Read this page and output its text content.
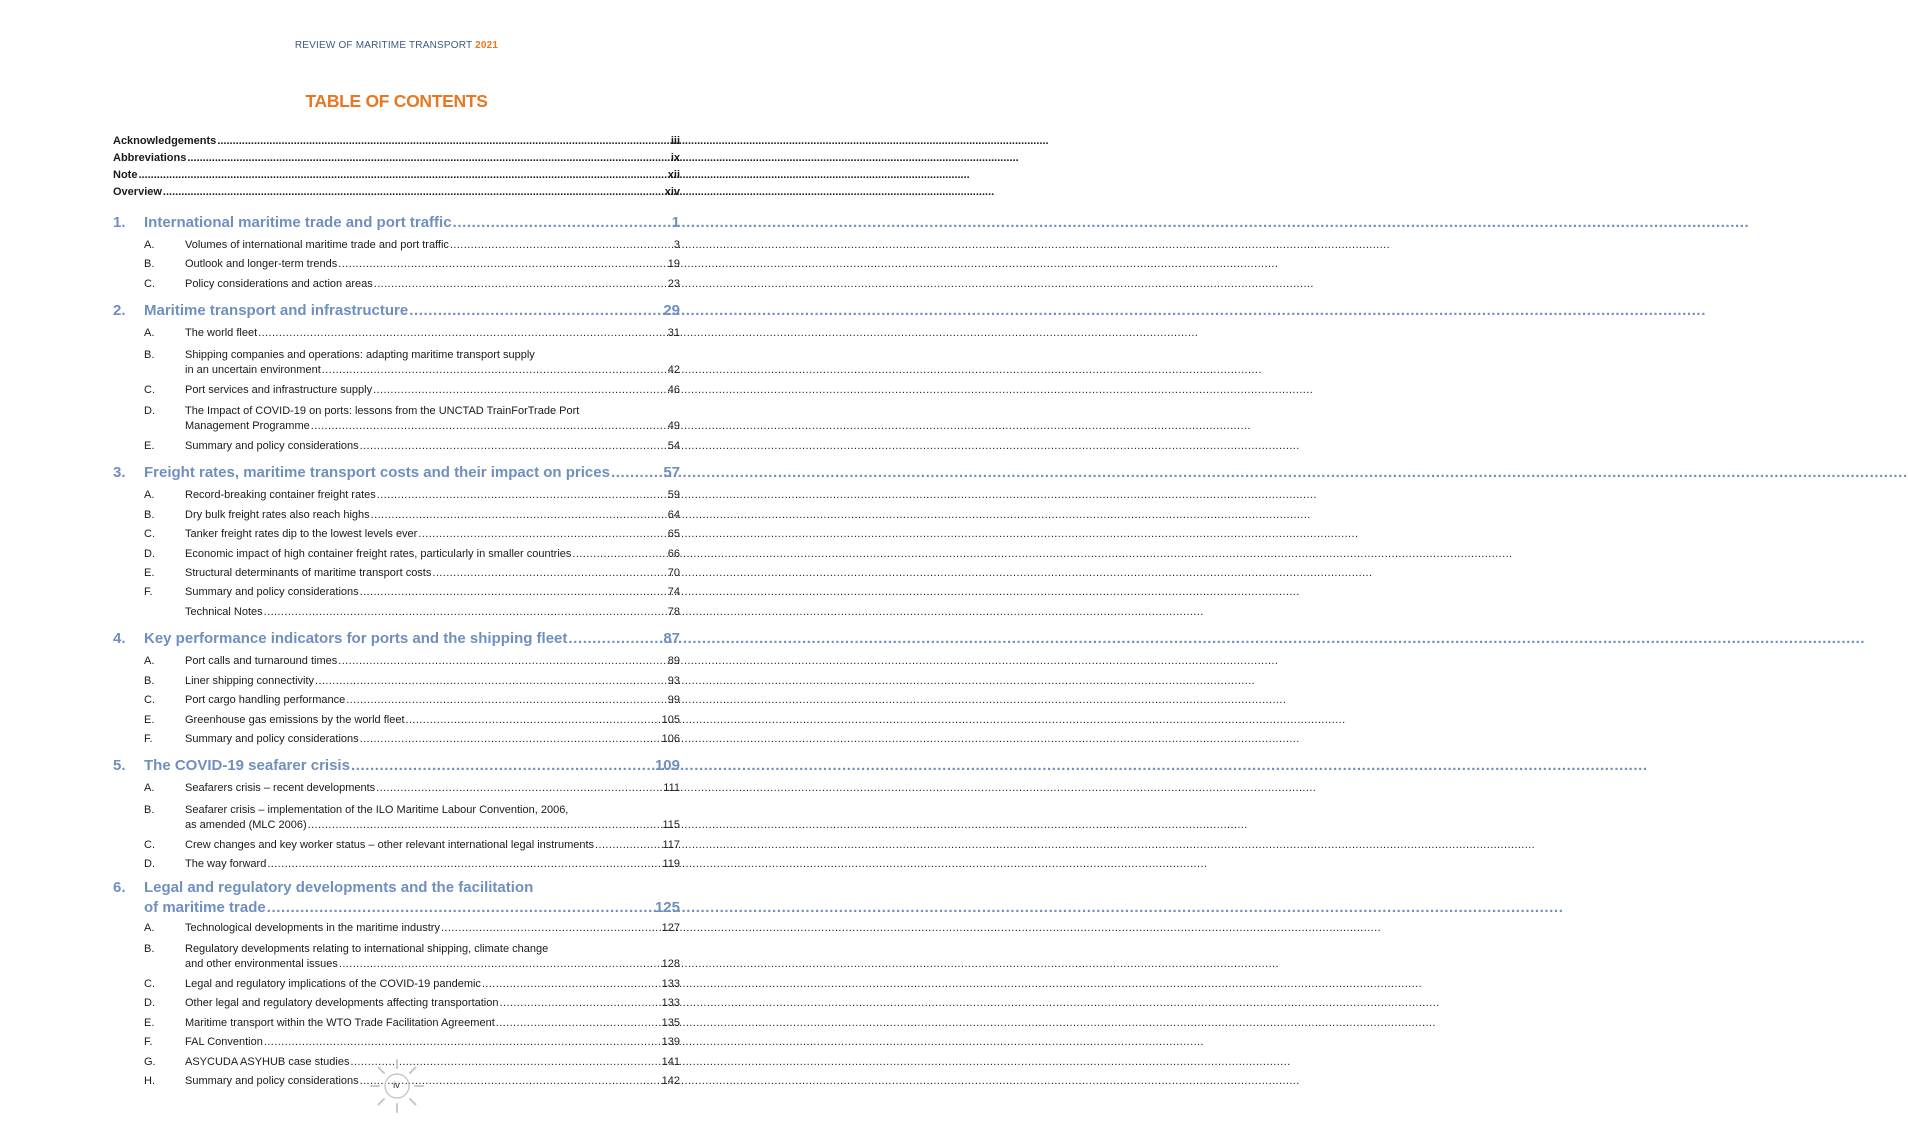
REVIEW OF MARITIME TRANSPORT 2021
TABLE OF CONTENTS
Acknowledgements .....	iii
Abbreviations .....	ix
Note .....	xii
Overview .....	xiv
1.	International maritime trade and port traffic .....	1
A.	Volumes of international maritime trade and port traffic .....	3
B.	Outlook and longer-term trends .....	19
C.	Policy considerations and action areas .....	23
2.	Maritime transport and infrastructure .....	29
A.	The world fleet .....	31
B.	Shipping companies and operations: adapting maritime transport supply
in an uncertain environment .....	42
C.	Port services and infrastructure supply .....	46
D.	The Impact of COVID-19 on ports: lessons from the UNCTAD TrainForTrade Port
Management Programme .....	49
E.	Summary and policy considerations .....	54
3.	Freight rates, maritime transport costs and their impact on prices .....	57
A.	Record-breaking container freight rates .....	59
B.	Dry bulk freight rates also reach highs .....	64
C.	Tanker freight rates dip to the lowest levels ever .....	65
D.	Economic impact of high container freight rates, particularly in smaller countries .....	66
E.	Structural determinants of maritime transport costs .....	70
F.	Summary and policy considerations .....	74
Technical Notes .....	78
4.	Key performance indicators for ports and the shipping fleet .....	87
A.	Port calls and turnaround times .....	89
B.	Liner shipping connectivity .....	93
C.	Port cargo handling performance .....	99
E.	Greenhouse gas emissions by the world fleet .....	105
F.	Summary and policy considerations .....	106
5.	The COVID-19 seafarer crisis .....	109
A.	Seafarers crisis – recent developments .....	111
B.	Seafarer crisis – implementation of the ILO Maritime Labour Convention, 2006,
as amended (MLC 2006) .....	115
C.	Crew changes and key worker status – other relevant international legal instruments .....	117
D.	The way forward .....	119
6.	Legal and regulatory developments and the facilitation
of maritime trade .....	125
A.	Technological developments in the maritime industry .....	127
B.	Regulatory developments relating to international shipping, climate change
and other environmental issues .....	128
C.	Legal and regulatory implications of the COVID-19 pandemic .....	133
D.	Other legal and regulatory developments affecting transportation .....	133
E.	Maritime transport within the WTO Trade Facilitation Agreement .....	135
F.	FAL Convention .....	139
G.	ASYCUDA ASYHUB case studies .....	141
H.	Summary and policy considerations .....	142
iv
